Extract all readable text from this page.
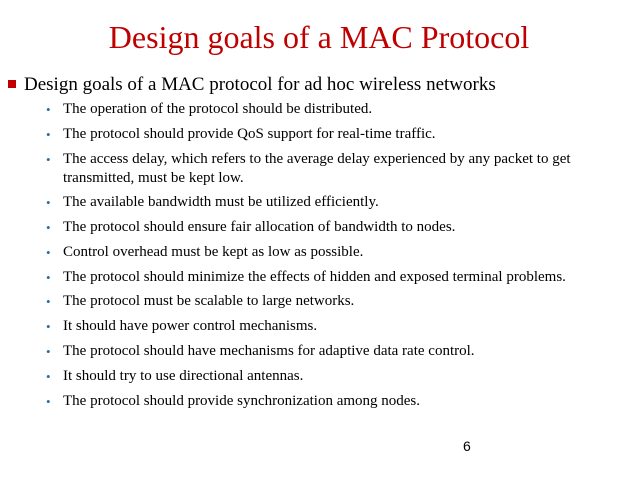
Design goals of a MAC Protocol
Design goals of a MAC protocol for ad hoc wireless networks
• The operation of the protocol should be distributed.
• The protocol should provide QoS support for real-time traffic.
• The access delay, which refers to the average delay experienced by any packet to get transmitted, must be kept low.
• The available bandwidth must be utilized efficiently.
• The protocol should ensure fair allocation of bandwidth to nodes.
• Control overhead must be kept as low as possible.
• The protocol should minimize the effects of hidden and exposed terminal problems.
• The protocol must be scalable to large networks.
• It should have power control mechanisms.
• The protocol should have mechanisms for adaptive data rate control.
• It should try to use directional antennas.
• The protocol should provide synchronization among nodes.
6
